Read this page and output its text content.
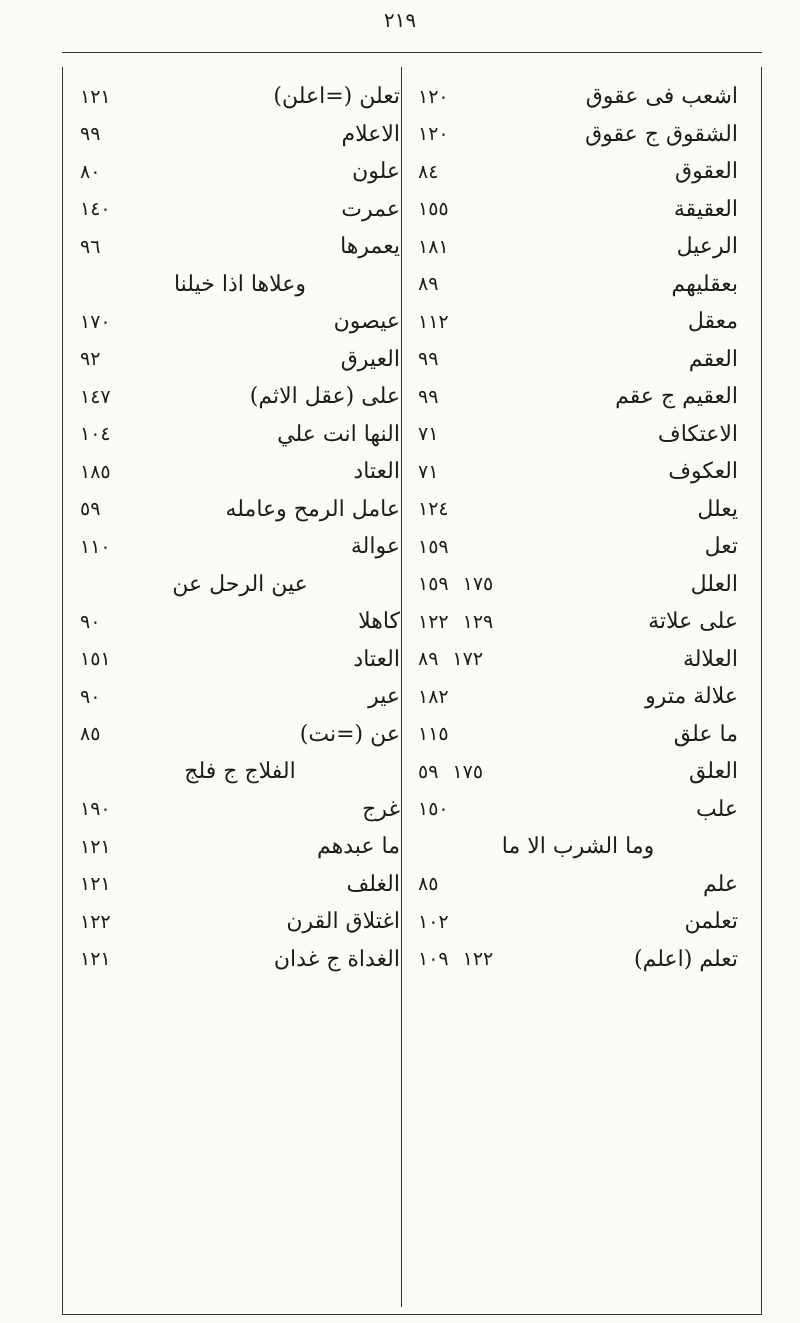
٢١٩
١٢٠	اشعب فى عقوق
١٢٠	الشقوق ج عقوق
٨٤	العقوق
١٥٥	العقيقة
١٨١	الرعيل
٨٩	بعقليهم
١١٢	معقل
٩٩	العقم
٩٩	العقيم ج عقم
٧١	الاعتكاف
٧١	العكوف
١٢٤	يعلل
١٥٩	تعل
١٥٩ ١٧٥	العلل
١٢٢ ١٢٩	على علاتة
٨٩ ١٧٢	العلالة
١٨٢	علالة مترو
١١٥	ما علق
٥٩ ١٧٥	العلق
١٥٠	علب
وما الشرب الا ما
٨٥	علم
١٠٢	تعلمن
١٠٩ ١٢٢	تعلم (اعلم)
١٢١	تعلن (=اعلن)
٩٩	الاعلام
٨٠	علون
١٤٠	عمرت
٩٦	يعمرها
وعلاها اذا خيلنا
١٧٠	عيصون
٩٢	العيرق
١٤٧	على (عقل الاثم)
١٠٤	النها انت علي
١٨٥	العتاد
٥٩	عامل الرمح وعامله
١١٠	عوالة
عين الرحل عن
٩٠	كاهلا
١٥١	العتاد
٩٠	عير
٨٥	عن (=نت)
الفلاج ج فلج
١٩٠	غرج
١٢١	ما عبدهم
١٢١	الغلف
١٢٢	اغتلاق القرن
١٢١	الغداة ج غدان
